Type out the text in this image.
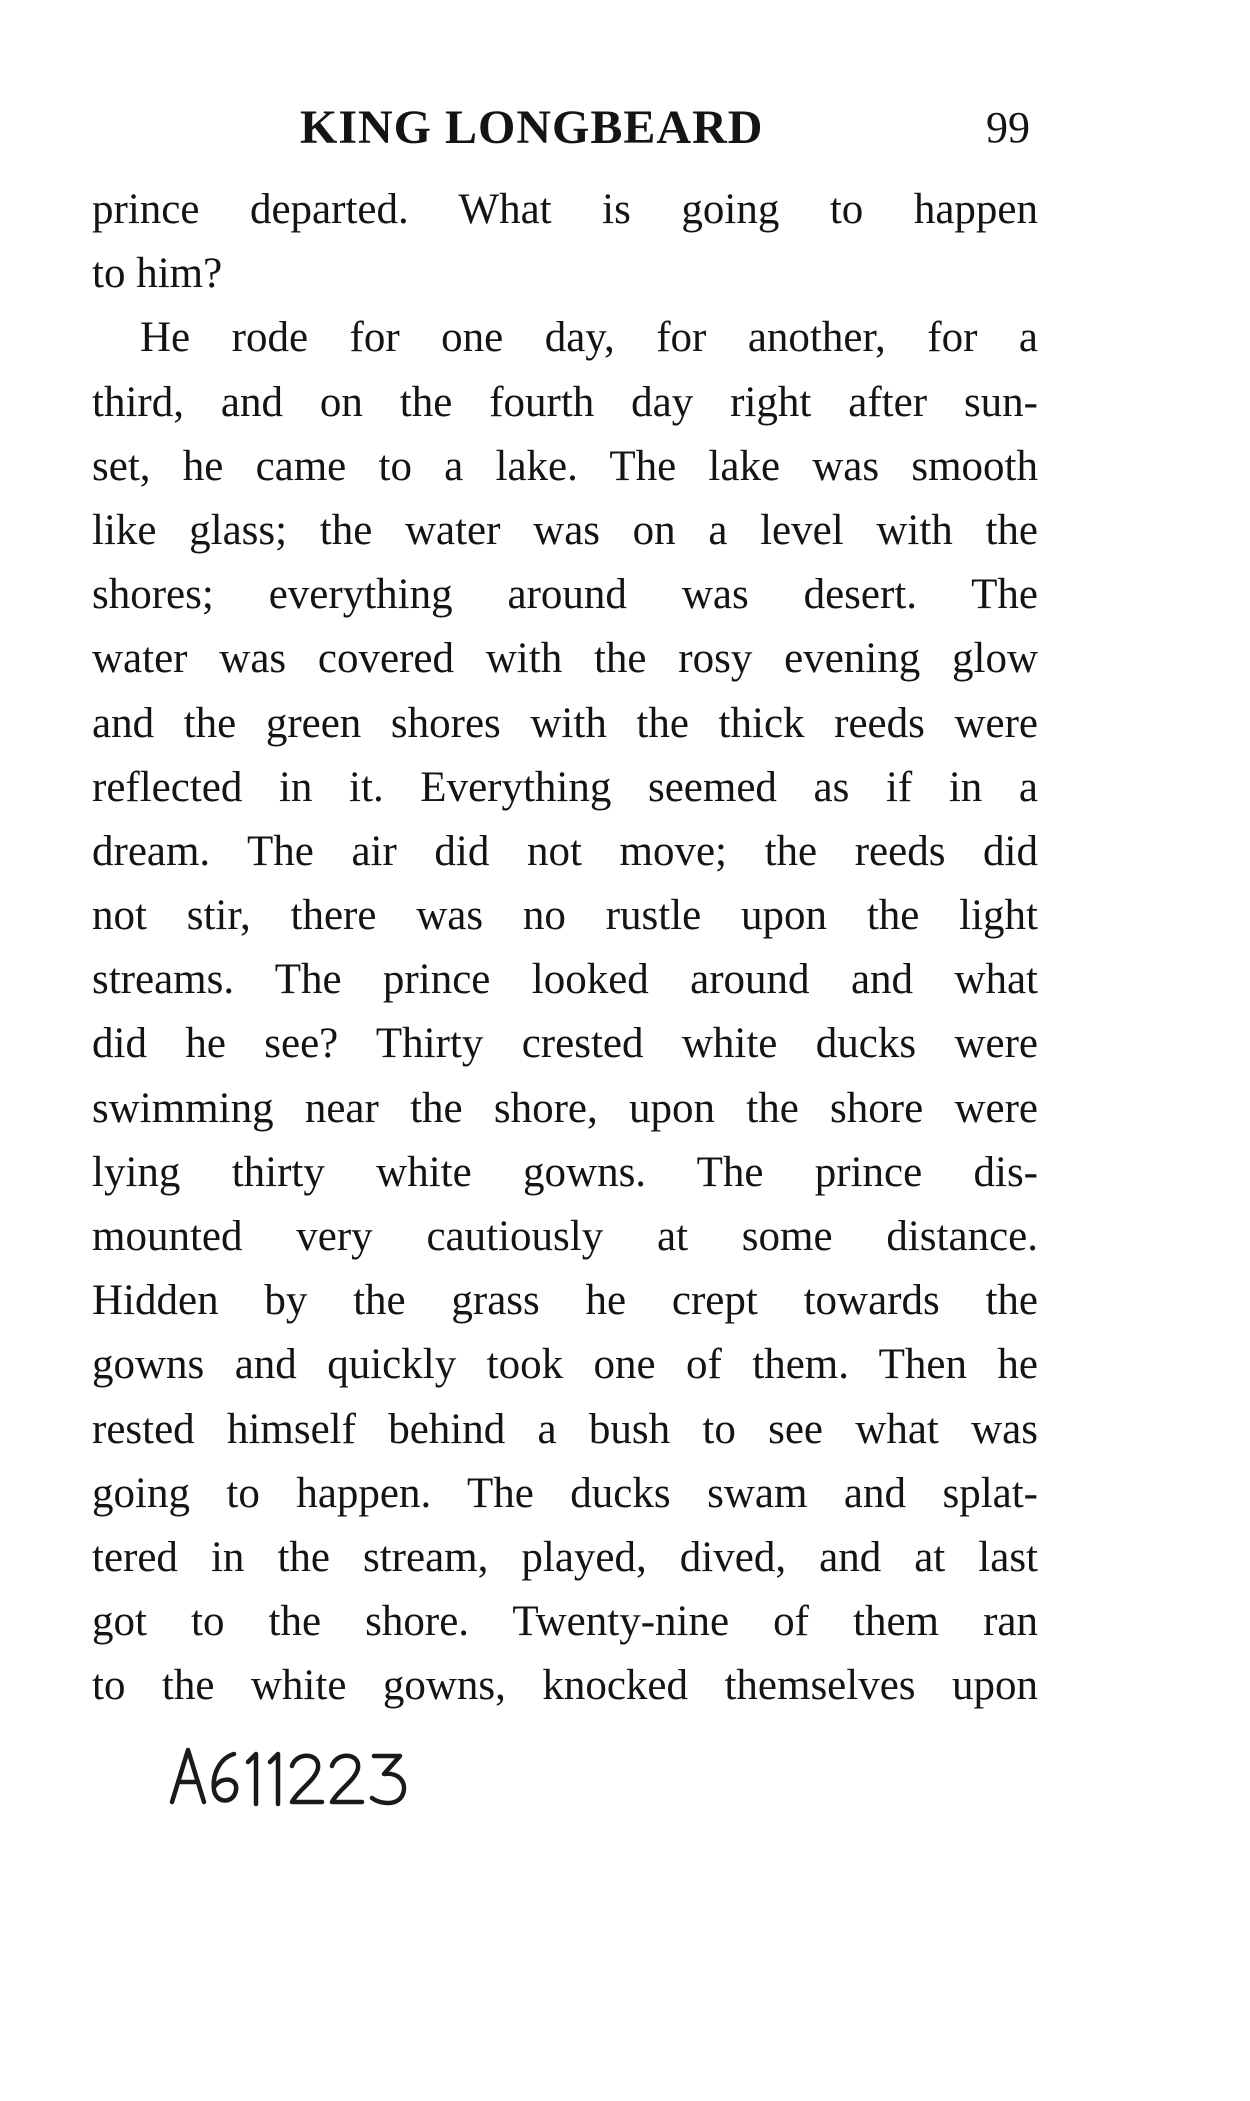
KING LONGBEARD	99
prince departed. What is going to happen
to him?
He rode for one day, for another, for a
third, and on the fourth day right after sun-
set, he came to a lake. The lake was smooth
like glass; the water was on a level with the
shores; everything around was desert. The
water was covered with the rosy evening glow
and the green shores with the thick reeds were
reflected in it. Everything seemed as if in a
dream. The air did not move; the reeds did
not stir, there was no rustle upon the light
streams. The prince looked around and what
did he see? Thirty crested white ducks were
swimming near the shore, upon the shore were
lying thirty white gowns. The prince dis-
mounted very cautiously at some distance.
Hidden by the grass he crept towards the
gowns and quickly took one of them. Then he
rested himself behind a bush to see what was
going to happen. The ducks swam and splat-
tered in the stream, played, dived, and at last
got to the shore. Twenty-nine of them ran
to the white gowns, knocked themselves upon
